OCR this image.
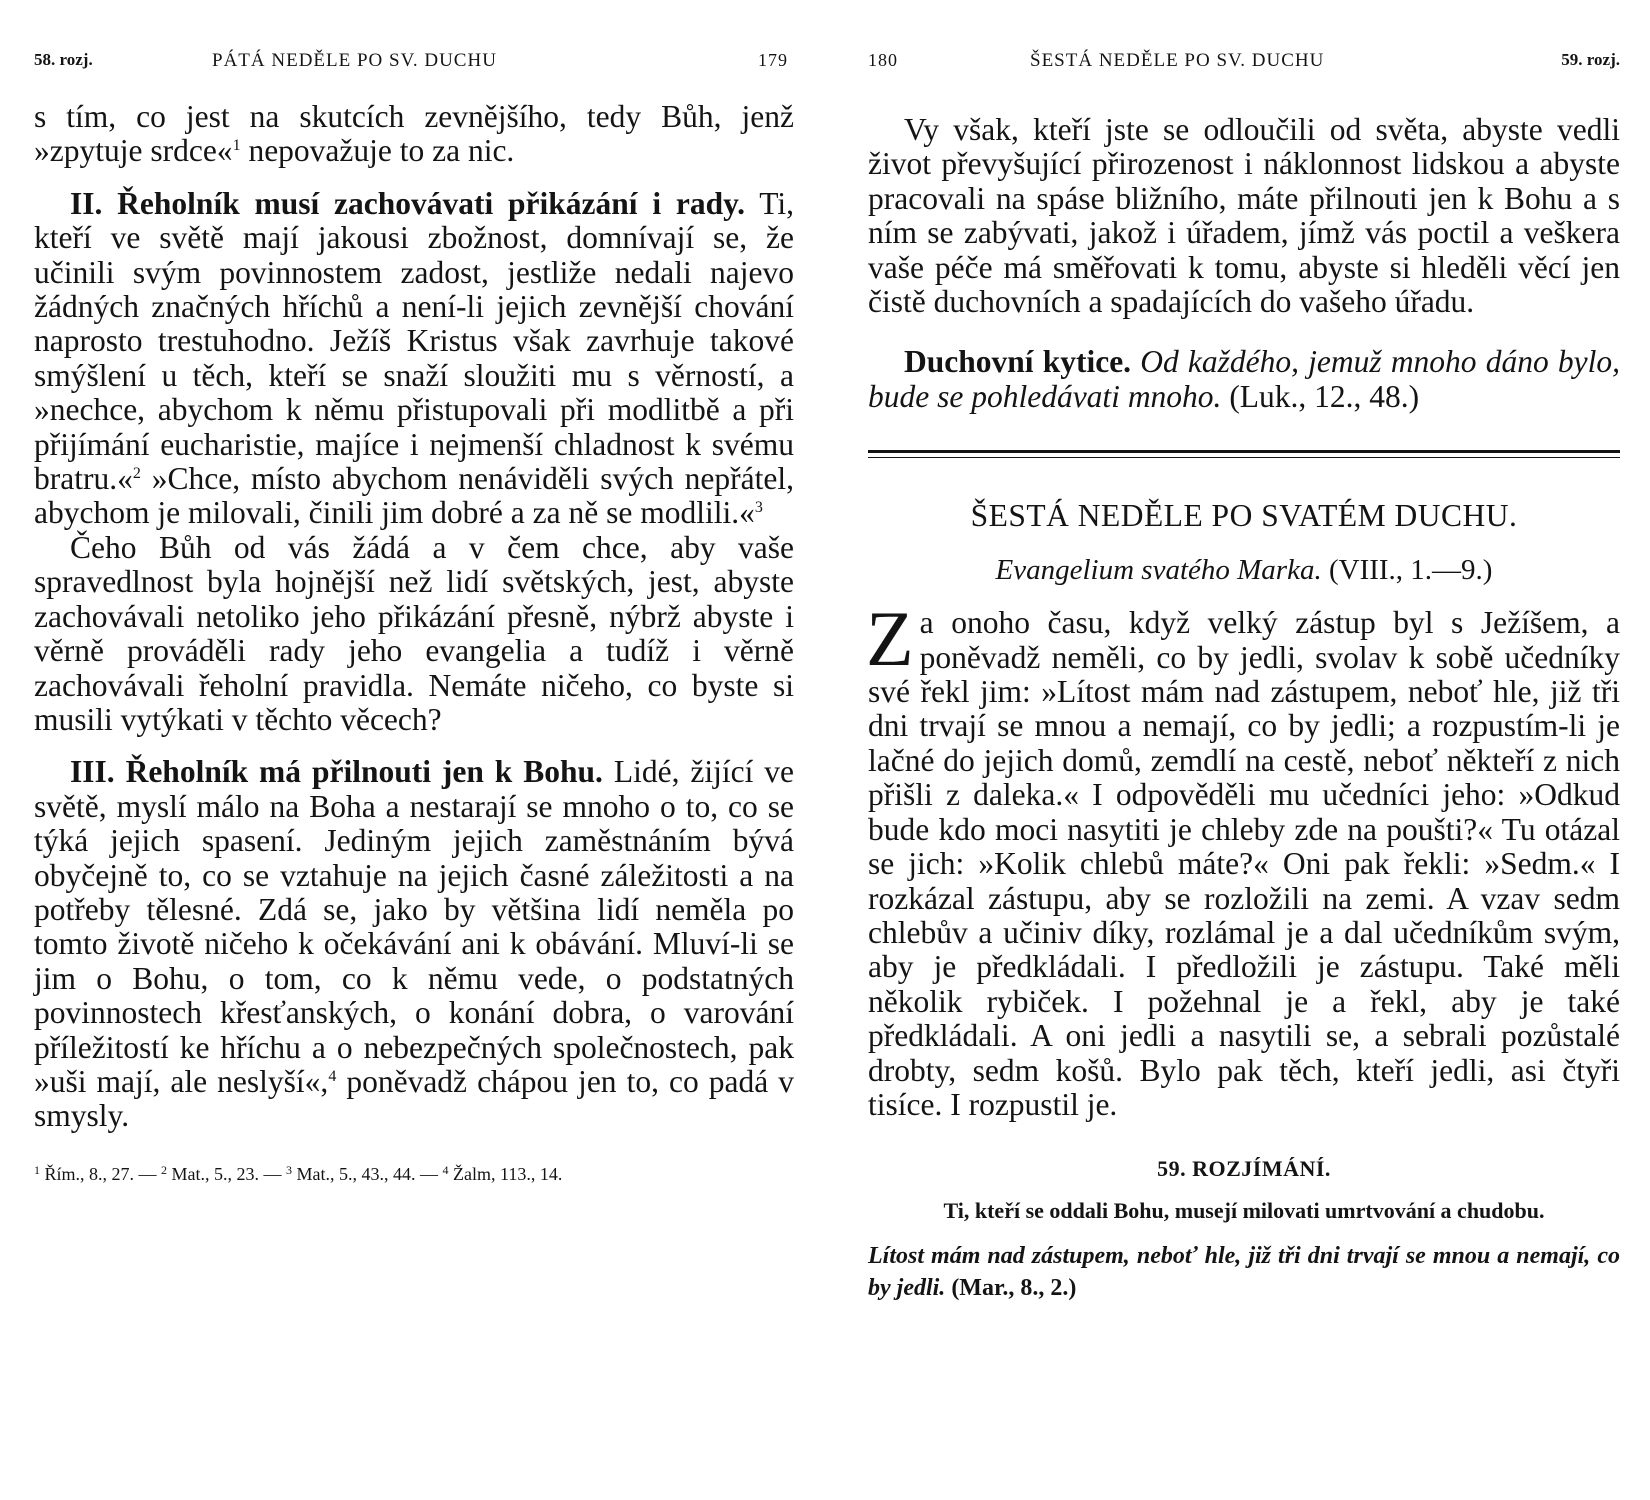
58. rozj.	PÁTÁ NEDĚLE PO SV. DUCHU	179

s tím, co jest na skutcích zevnějšího, tedy Bůh, jenž »zpytuje srdce«$^1$ nepovažuje to za nic.

II. Řeholník musí zachovávati přikázání i rady. Ti, kteří ve světě mají jakousi zbožnost, domnívají se, že učinili svým povinnostem zadost, jestliže nedali najevo žádných značných hříchů a není-li jejich zevnější chování naprosto trestuhodno. Ježíš Kristus však zavrhuje takové smýšlení u těch, kteří se snaží sloužiti mu s věrností, a »nechce, abychom k němu přistupovali při modlitbě a při přijímání eucharistie, majíce i nejmenší chladnost k svému bratru.«$^2$ »Chce, místo abychom nenáviděli svých nepřátel, abychom je milovali, činili jim dobré a za ně se modlili.«$^3$

Čeho Bůh od vás žádá a v čem chce, aby vaše spravedlnost byla hojnější než lidí světských, jest, abyste zachovávali netoliko jeho přikázání přesně, nýbrž abyste i věrně prováděli rady jeho evangelia a tudíž i věrně zachovávali řeholní pravidla. Nemáte ničeho, co byste si musili vytýkati v těchto věcech?

III. Řeholník má přilnouti jen k Bohu. Lidé, žijící ve světě, myslí málo na Boha a nestarají se mnoho o to, co se týká jejich spasení. Jediným jejich zaměstnáním bývá obyčejně to, co se vztahuje na jejich časné záležitosti a na potřeby tělesné. Zdá se, jako by většina lidí neměla po tomto životě ničeho k očekávání ani k obávání. Mluví-li se jim o Bohu, o tom, co k němu vede, o podstatných povinnostech křesťanských, o konání dobra, o varování příležitostí ke hříchu a o nebezpečných společnostech, pak »uši mají, ale neslyší«,$^4$ poněvadž chápou jen to, co padá v smysly.

$^1$ Řím., 8., 27. — $^2$ Mat., 5., 23. — $^3$ Mat., 5., 43., 44. — $^4$ Žalm, 113., 14.
180	ŠESTÁ NEDĚLE PO SV. DUCHU	59. rozj.

Vy však, kteří jste se odloučili od světa, abyste vedli život převyšující přirozenost i náklonnost lidskou a abyste pracovali na spáse bližního, máte přilnouti jen k Bohu a s ním se zabývati, jakož i úřadem, jímž vás poctil a veškera vaše péče má směřovati k tomu, abyste si hleděli věcí jen čistě duchovních a spadajících do vašeho úřadu.

Duchovní kytice. Od každého, jemuž mnoho dáno bylo, bude se pohledávati mnoho. (Luk., 12., 48.)

ŠESTÁ NEDĚLE PO SVATÉM DUCHU.
Evangelium svatého Marka. (VIII., 1.—9.)

Za onoho času, když velký zástup byl s Ježíšem, a poněvadž neměli, co by jedli, svolav k sobě učedníky své řekl jim: »Lítost mám nad zástupem, neboť hle, již tři dni trvají se mnou a nemají, co by jedli; a rozpustím-li je lačné do jejich domů, zemdlí na cestě, neboť někteří z nich přišli z daleka.« I odpověděli mu učedníci jeho: »Odkud bude kdo moci nasytiti je chleby zde na poušti?« Tu otázal se jich: »Kolik chlebů máte?« Oni pak řekli: »Sedm.« I rozkázal zástupu, aby se rozložili na zemi. A vzav sedm chlebův a učiniv díky, rozlámal je a dal učedníkům svým, aby je předkládali. I předložili je zástupu. Také měli několik rybiček. I požehnal je a řekl, aby je také předkládali. A oni jedli a nasytili se, a sebrali pozůstalé drobty, sedm košů. Bylo pak těch, kteří jedli, asi čtyři tisíce. I rozpustil je.

59. ROZJÍMÁNÍ.
Ti, kteří se oddali Bohu, musejí milovati umrtvování a chudobu.

Lítost mám nad zástupem, neboť hle, již tři dni trvají se mnou a nemají, co by jedli. (Mar., 8., 2.)
